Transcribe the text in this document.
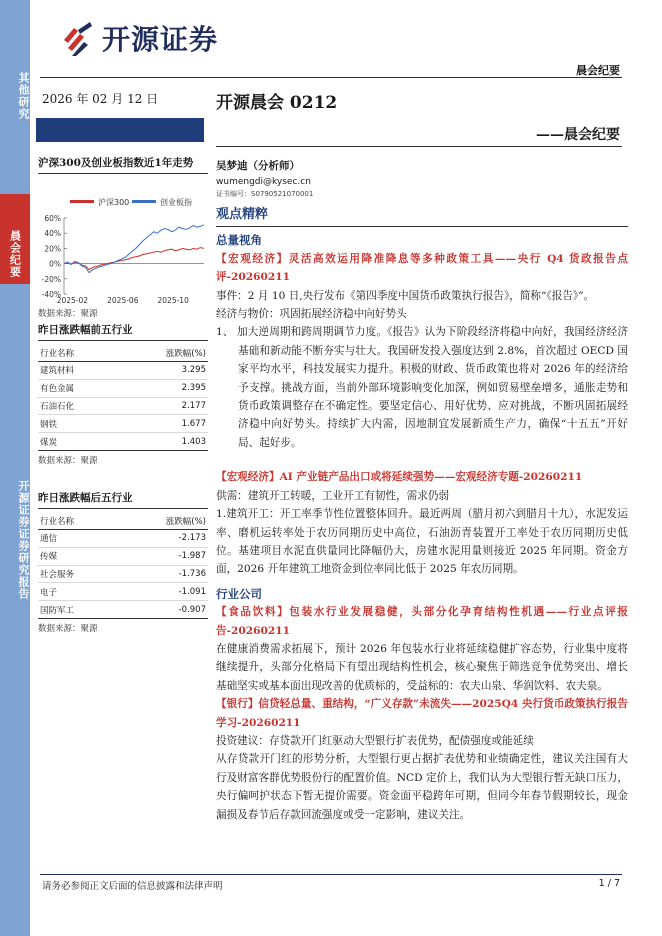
其他研究
晨会纪要
开源证券证券研究报告
开源证券
晨会纪要
2026 年 02 月 12 日	开源晨会 0212
——晨会纪要
沪深300及创业板指数近1年走势
沪深300	创业板指
60%
40%
20%
0%
-20%
-40%
2025-02	2025-06	2025-10
数据来源：聚源
昨日涨跌幅前五行业
行业名称	涨跌幅(%)
建筑材料	3.295
有色金属	2.395
石油石化	2.177
钢铁	1.677
煤炭	1.403
数据来源：聚源
昨日涨跌幅后五行业
行业名称	涨跌幅(%)
通信	-2.173
传媒	-1.987
社会服务	-1.736
电子	-1.091
国防军工	-0.907
数据来源：聚源
吴梦迪（分析师）
wumengdi@kysec.cn
证书编号：S0790521070001
观点精粹
总量视角

【宏观经济】灵活高效运用降准降息等多种政策工具——央行 Q4 货政报告点评-20260211

事件：2 月 10 日,央行发布《第四季度中国货币政策执行报告》，简称“《报告》”。

经济与物价：巩固拓展经济稳中向好势头

1、 加大逆周期和跨周期调节力度。《报告》认为下阶段经济将稳中向好，我国经济经济基础和新动能不断夯实与壮大。我国研发投入强度达到 2.8%，首次超过 OECD 国家平均水平，科技发展实力提升。积极的财政、货币政策也将对 2026 年的经济给予支撑。挑战方面，当前外部环境影响变化加深，例如贸易壁垒增多，通胀走势和货币政策调整存在不确定性。要坚定信心、用好优势、应对挑战，不断巩固拓展经济稳中向好势头。持续扩大内需，因地制宜发展新质生产力，确保“十五五”开好局、起好步。

【宏观经济】AI 产业链产品出口或将延续强势——宏观经济专题-20260211

供需：建筑开工转暖，工业开工有韧性，需求仍弱

1.建筑开工：开工率季节性位置整体回升。最近两周（腊月初六到腊月十九），水泥发运率、磨机运转率处于农历同期历史中高位，石油沥青装置开工率处于农历同期历史低位。基建项目水泥直供量同比降幅仍大，房建水泥用量则接近 2025 年同期。资金方面，2026 开年建筑工地资金到位率同比低于 2025 年农历同期。

行业公司

【食品饮料】包装水行业发展稳健，头部分化孕育结构性机遇——行业点评报告-20260211

在健康消费需求拓展下，预计 2026 年包装水行业将延续稳健扩容态势，行业集中度将继续提升，头部分化格局下有望出现结构性机会，核心聚焦于筛选竞争优势突出、增长基础坚实或基本面出现改善的优质标的，受益标的：农夫山泉、华润饮料、农夫泉。

【银行】信贷轻总量、重结构，“广义存款”未流失——2025Q4 央行货币政策执行报告学习-20260211

投资建议：存贷款开门红驱动大型银行扩表优势，配债强度或能延续

从存贷款开门红的形势分析，大型银行更占据扩表优势和业绩确定性，建议关注国有大行及财富客群优势股份行的配置价值。NCD 定价上，我们认为大型银行暂无缺口压力，央行偏呵护状态下暂无提价需要。资金面平稳跨年可期，但同今年春节假期较长，现金漏损及春节后存款回流强度或受一定影响，建议关注。

请务必参阅正文后面的信息披露和法律声明	1 / 7
